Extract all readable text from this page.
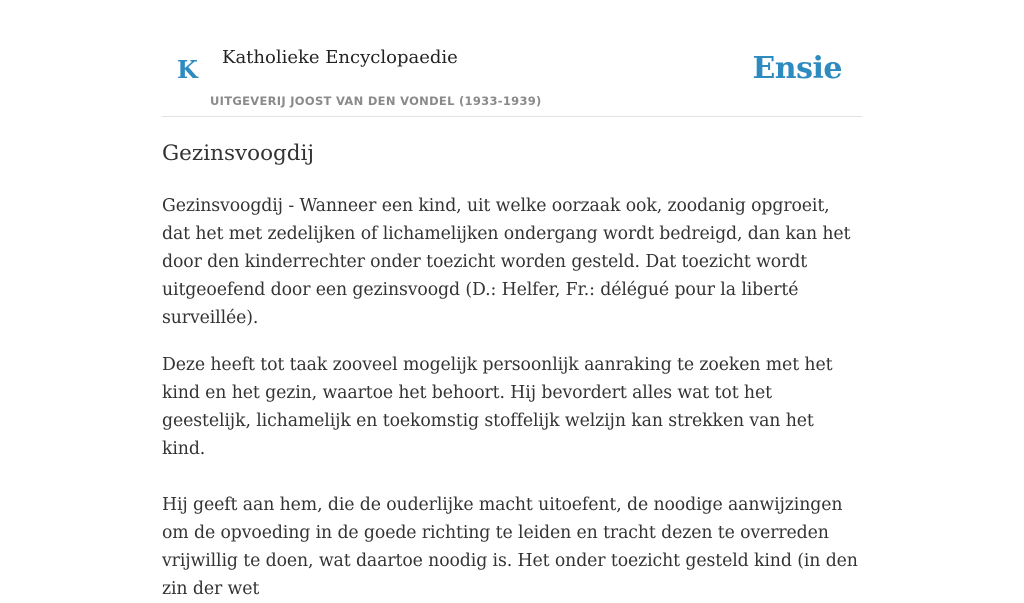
K Katholieke Encyclopaedie
UITGEVERIJ JOOST VAN DEN VONDEL (1933-1939)
Ensie
Gezinsvoogdij

Gezinsvoogdij - Wanneer een kind, uit welke oorzaak ook, zoodanig opgroeit, dat het met zedelijken of lichamelijken ondergang wordt bedreigd, dan kan het door den kinderrechter onder toezicht worden gesteld. Dat toezicht wordt uitgeoefend door een gezinsvoogd (D.: Helfer, Fr.: délégué pour la liberté surveillée).

Deze heeft tot taak zooveel mogelijk persoonlijk aanraking te zoeken met het kind en het gezin, waartoe het behoort. Hij bevordert alles wat tot het geestelijk, lichamelijk en toekomstig stoffelijk welzijn kan strekken van het kind.

Hij geeft aan hem, die de ouderlijke macht uitoefent, de noodige aanwijzingen om de opvoeding in de goede richting te leiden en tracht dezen te overreden vrijwillig te doen, wat daartoe noodig is. Het onder toezicht gesteld kind (in den zin der wet
